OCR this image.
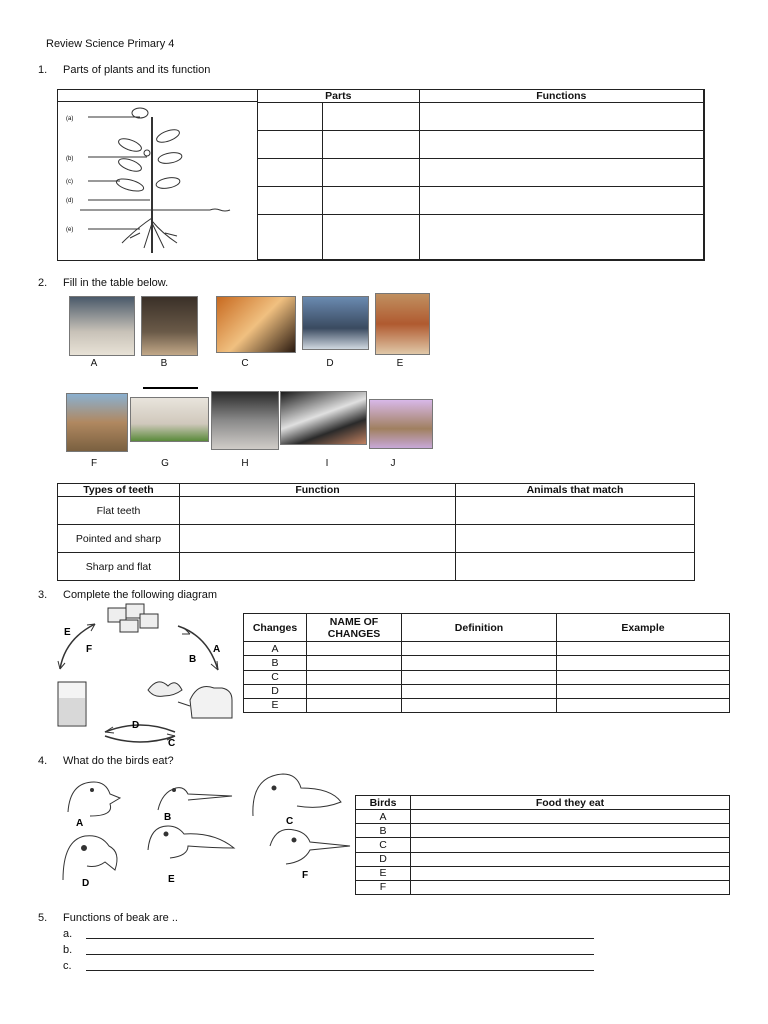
Review Science Primary 4
1. Parts of plants and its function
Parts		Functions

(a)
(b)
(c)
(d)
(e)
2. Fill in the table below.
A	B	C	D	E
F	G	H	I	J
Types of teeth	Function	Animals that match
Flat teeth		
Pointed and sharp		
Sharp and flat		
3. Complete the following diagram
E
F
B
A
D
C
Changes	NAME OF CHANGES	Definition	Example
A			
B			
C			
D			
E			
4. What do the birds eat?
A
B	C
D	E	F
Birds	Food they eat
A	
B	
C	
D	
E	
F	
5. Functions of beak are ..
a.
b.
c.
